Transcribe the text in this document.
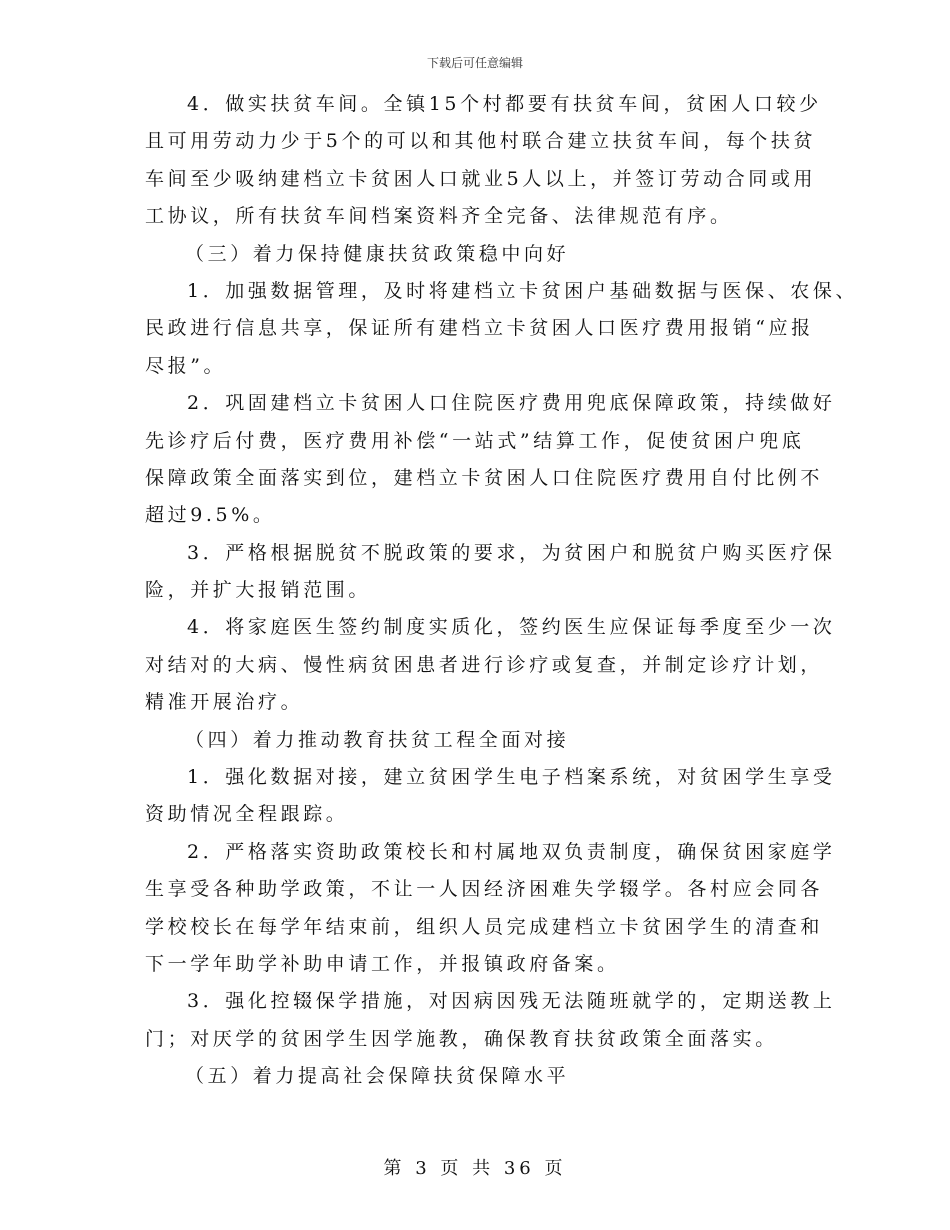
下载后可任意编辑
4．做实扶贫车间。全镇15个村都要有扶贫车间，贫困人口较少
且可用劳动力少于5个的可以和其他村联合建立扶贫车间，每个扶贫
车间至少吸纳建档立卡贫困人口就业5人以上，并签订劳动合同或用
工协议，所有扶贫车间档案资料齐全完备、法律规范有序。
（三）着力保持健康扶贫政策稳中向好
1．加强数据管理，及时将建档立卡贫困户基础数据与医保、农保、
民政进行信息共享，保证所有建档立卡贫困人口医疗费用报销“应报
尽报”。
2．巩固建档立卡贫困人口住院医疗费用兜底保障政策，持续做好
先诊疗后付费，医疗费用补偿“一站式”结算工作，促使贫困户兜底
保障政策全面落实到位，建档立卡贫困人口住院医疗费用自付比例不
超过9.5%。
3．严格根据脱贫不脱政策的要求，为贫困户和脱贫户购买医疗保
险，并扩大报销范围。
4．将家庭医生签约制度实质化，签约医生应保证每季度至少一次
对结对的大病、慢性病贫困患者进行诊疗或复查，并制定诊疗计划，
精准开展治疗。
（四）着力推动教育扶贫工程全面对接
1．强化数据对接，建立贫困学生电子档案系统，对贫困学生享受
资助情况全程跟踪。
2．严格落实资助政策校长和村属地双负责制度，确保贫困家庭学
生享受各种助学政策，不让一人因经济困难失学辍学。各村应会同各
学校校长在每学年结束前，组织人员完成建档立卡贫困学生的清查和
下一学年助学补助申请工作，并报镇政府备案。
3．强化控辍保学措施，对因病因残无法随班就学的，定期送教上
门；对厌学的贫困学生因学施教，确保教育扶贫政策全面落实。
（五）着力提高社会保障扶贫保障水平
第 3 页 共 36 页
